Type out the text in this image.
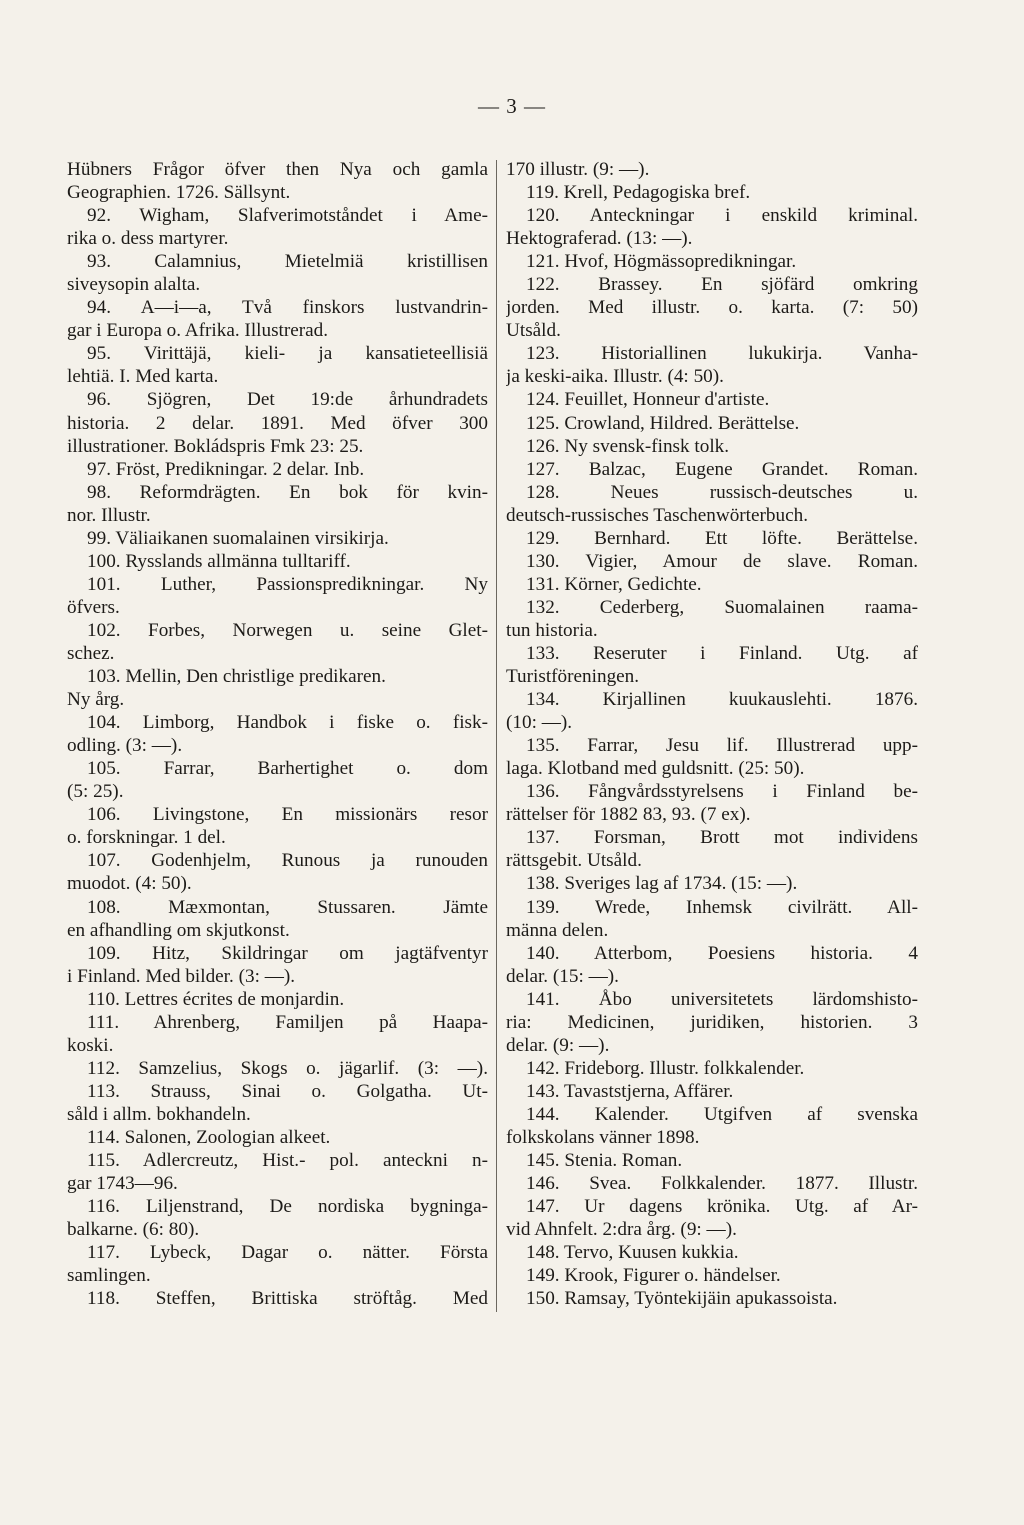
— 3 —
Hübners Frågor öfver then Nya och gamla
Geographien. 1726. Sällsynt.
92. Wigham, Slafverimotståndet i Ame-
rika o. dess martyrer.
93. Calamnius, Mietelmiä kristillisen
siveysopin alalta.
94. A—i—a, Två finskors lustvandrin-
gar i Europa o. Afrika. Illustrerad.
95. Virittäjä, kieli- ja kansatieteellisiä
lehtiä. I. Med karta.
96. Sjögren, Det 19:de århundradets
historia. 2 delar. 1891. Med öfver 300
illustrationer. Bokládspris Fmk 23: 25.
97. Fröst, Predikningar. 2 delar. Inb.
98. Reformdrägten. En bok för kvin-
nor. Illustr.
99. Väliaikanen suomalainen virsikirja.
100. Rysslands allmänna tulltariff.
101. Luther, Passionspredikningar. Ny
öfvers.
102. Forbes, Norwegen u. seine Glet-
schez.
103. Mellin, Den christlige predikaren.
Ny årg.
104. Limborg, Handbok i fiske o. fisk-
odling. (3: —).
105. Farrar, Barhertighet o. dom
(5: 25).
106. Livingstone, En missionärs resor
o. forskningar. 1 del.
107. Godenhjelm, Runous ja runouden
muodot. (4: 50).
108. Mæxmontan, Stussaren. Jämte
en afhandling om skjutkonst.
109. Hitz, Skildringar om jagtäfventyr
i Finland. Med bilder. (3: —).
110. Lettres écrites de monjardin.
111. Ahrenberg, Familjen på Haapa-
koski.
112. Samzelius, Skogs o. jägarlif. (3: —).
113. Strauss, Sinai o. Golgatha. Ut-
såld i allm. bokhandeln.
114. Salonen, Zoologian alkeet.
115. Adlercreutz, Hist.- pol. anteckni n-
gar 1743—96.
116. Liljenstrand, De nordiska bygninga-
balkarne. (6: 80).
117. Lybeck, Dagar o. nätter. Första
samlingen.
118. Steffen, Brittiska ströftåg. Med
170 illustr. (9: —).
119. Krell, Pedagogiska bref.
120. Anteckningar i enskild kriminal.
Hektograferad. (13: —).
121. Hvof, Högmässopredikningar.
122. Brassey. En sjöfärd omkring
jorden. Med illustr. o. karta. (7: 50)
Utsåld.
123. Historiallinen lukukirja. Vanha-
ja keski-aika. Illustr. (4: 50).
124. Feuillet, Honneur d'artiste.
125. Crowland, Hildred. Berättelse.
126. Ny svensk-finsk tolk.
127. Balzac, Eugene Grandet. Roman.
128. Neues russisch-deutsches u.
deutsch-russisches Taschenwörterbuch.
129. Bernhard. Ett löfte. Berättelse.
130. Vigier, Amour de slave. Roman.
131. Körner, Gedichte.
132. Cederberg, Suomalainen raama-
tun historia.
133. Reseruter i Finland. Utg. af
Turistföreningen.
134. Kirjallinen kuukauslehti. 1876.
(10: —).
135. Farrar, Jesu lif. Illustrerad upp-
laga. Klotband med guldsnitt. (25: 50).
136. Fångvårdsstyrelsens i Finland be-
rättelser för 1882 83, 93. (7 ex).
137. Forsman, Brott mot individens
rättsgebit. Utsåld.
138. Sveriges lag af 1734. (15: —).
139. Wrede, Inhemsk civilrätt. All-
männa delen.
140. Atterbom, Poesiens historia. 4
delar. (15: —).
141. Åbo universitetets lärdomshisto-
ria: Medicinen, juridiken, historien. 3
delar. (9: —).
142. Frideborg. Illustr. folkkalender.
143. Tavaststjerna, Affärer.
144. Kalender. Utgifven af svenska
folkskolans vänner 1898.
145. Stenia. Roman.
146. Svea. Folkkalender. 1877. Illustr.
147. Ur dagens krönika. Utg. af Ar-
vid Ahnfelt. 2:dra årg. (9: —).
148. Tervo, Kuusen kukkia.
149. Krook, Figurer o. händelser.
150. Ramsay, Työntekijäin apukassoista.
